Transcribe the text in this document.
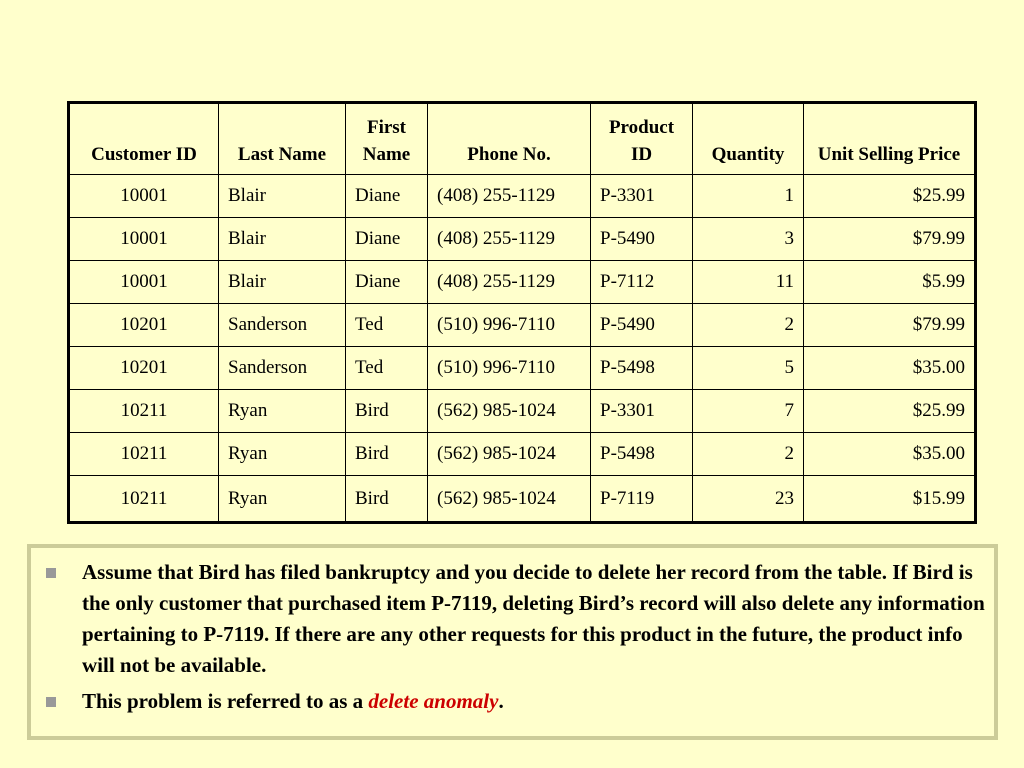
Customer ID	Last Name	First Name	Phone No.	Product ID	Quantity	Unit Selling Price
10001	Blair	Diane	(408) 255-1129	P-3301	1	$25.99
10001	Blair	Diane	(408) 255-1129	P-5490	3	$79.99
10001	Blair	Diane	(408) 255-1129	P-7112	11	$5.99
10201	Sanderson	Ted	(510) 996-7110	P-5490	2	$79.99
10201	Sanderson	Ted	(510) 996-7110	P-5498	5	$35.00
10211	Ryan	Bird	(562) 985-1024	P-3301	7	$25.99
10211	Ryan	Bird	(562) 985-1024	P-5498	2	$35.00
10211	Ryan	Bird	(562) 985-1024	P-7119	23	$15.99
Assume that Bird has filed bankruptcy and you decide to delete her record from the table. If Bird is the only customer that purchased item P-7119, deleting Bird’s record will also delete any information pertaining to P-7119. If there are any other requests for this product in the future, the product info will not be available.
This problem is referred to as a delete anomaly.
